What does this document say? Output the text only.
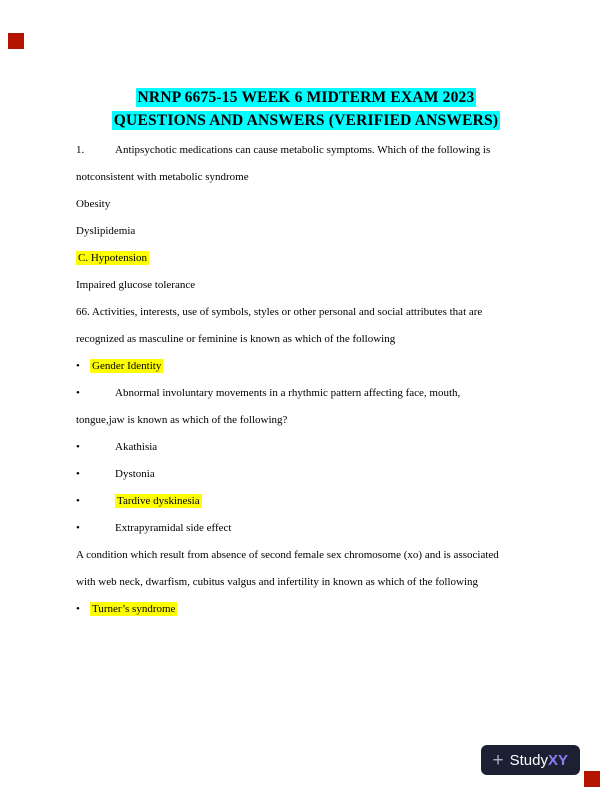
NRNP 6675-15 WEEK 6 MIDTERM EXAM 2023
QUESTIONS AND ANSWERS (VERIFIED ANSWERS)
1.	Antipsychotic medications can cause metabolic symptoms. Which of the following is
notconsistent with metabolic syndrome
Obesity
Dyslipidemia
C. Hypotension
Impaired glucose tolerance
66. Activities, interests, use of symbols, styles or other personal and social attributes that are
recognized as masculine or feminine is known as which of the following
• Gender Identity
•	Abnormal involuntary movements in a rhythmic pattern affecting face, mouth,
tongue,jaw is known as which of the following?
•	Akathisia
•	Dystonia
•	Tardive dyskinesia
•	Extrapyramidal side effect
A condition which result from absence of second female sex chromosome (xo) and is associated
with web neck, dwarfism, cubitus valgus and infertility in known as which of the following
• Turner’s syndrome
+ Study XY
